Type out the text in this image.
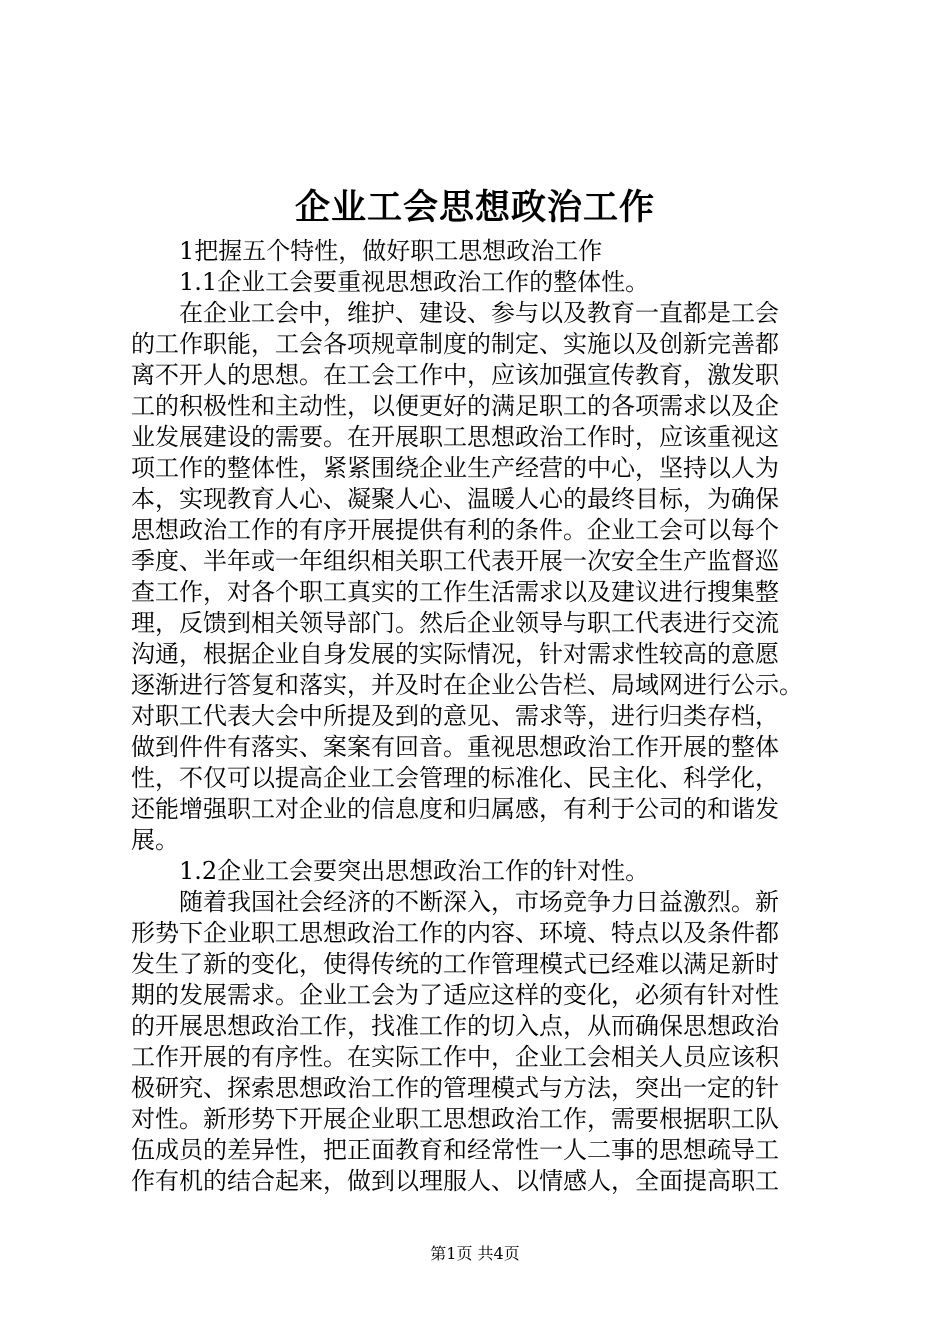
企业工会思想政治工作
1把握五个特性，做好职工思想政治工作
1.1企业工会要重视思想政治工作的整体性。
在企业工会中，维护、建设、参与以及教育一直都是工会
的工作职能，工会各项规章制度的制定、实施以及创新完善都
离不开人的思想。在工会工作中，应该加强宣传教育，激发职
工的积极性和主动性，以便更好的满足职工的各项需求以及企
业发展建设的需要。在开展职工思想政治工作时，应该重视这
项工作的整体性，紧紧围绕企业生产经营的中心，坚持以人为
本，实现教育人心、凝聚人心、温暖人心的最终目标，为确保
思想政治工作的有序开展提供有利的条件。企业工会可以每个
季度、半年或一年组织相关职工代表开展一次安全生产监督巡
查工作，对各个职工真实的工作生活需求以及建议进行搜集整
理，反馈到相关领导部门。然后企业领导与职工代表进行交流
沟通，根据企业自身发展的实际情况，针对需求性较高的意愿
逐渐进行答复和落实，并及时在企业公告栏、局域网进行公示。
对职工代表大会中所提及到的意见、需求等，进行归类存档，
做到件件有落实、案案有回音。重视思想政治工作开展的整体
性，不仅可以提高企业工会管理的标准化、民主化、科学化，
还能增强职工对企业的信息度和归属感，有利于公司的和谐发
展。
1.2企业工会要突出思想政治工作的针对性。
随着我国社会经济的不断深入，市场竞争力日益激烈。新
形势下企业职工思想政治工作的内容、环境、特点以及条件都
发生了新的变化，使得传统的工作管理模式已经难以满足新时
期的发展需求。企业工会为了适应这样的变化，必须有针对性
的开展思想政治工作，找准工作的切入点，从而确保思想政治
工作开展的有序性。在实际工作中，企业工会相关人员应该积
极研究、探索思想政治工作的管理模式与方法，突出一定的针
对性。新形势下开展企业职工思想政治工作，需要根据职工队
伍成员的差异性，把正面教育和经常性一人二事的思想疏导工
作有机的结合起来，做到以理服人、以情感人，全面提高职工
第1页 共4页
